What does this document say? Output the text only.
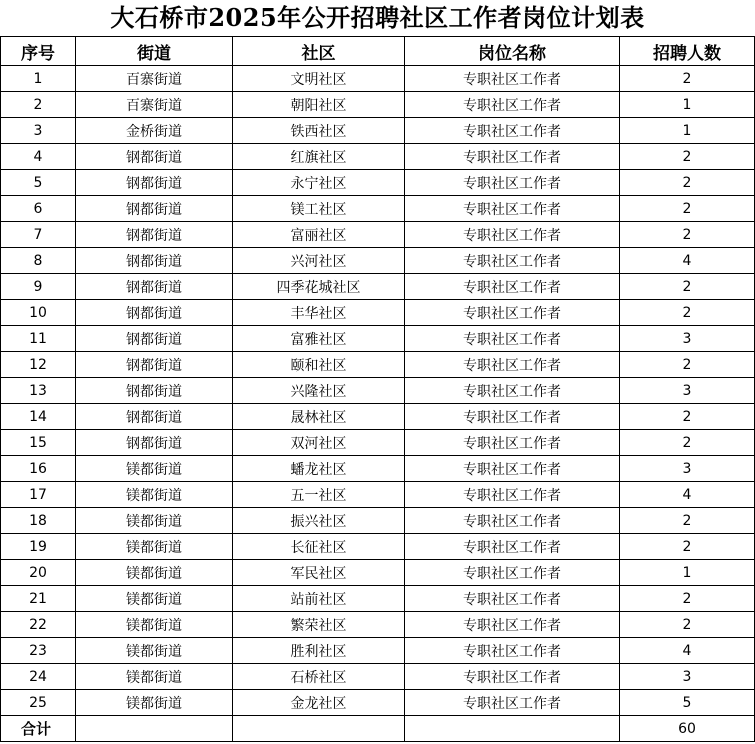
大石桥市2025年公开招聘社区工作者岗位计划表
序号	街道	社区	岗位名称	招聘人数
1	百寨街道	文明社区	专职社区工作者	2
2	百寨街道	朝阳社区	专职社区工作者	1
3	金桥街道	铁西社区	专职社区工作者	1
4	钢都街道	红旗社区	专职社区工作者	2
5	钢都街道	永宁社区	专职社区工作者	2
6	钢都街道	镁工社区	专职社区工作者	2
7	钢都街道	富丽社区	专职社区工作者	2
8	钢都街道	兴河社区	专职社区工作者	4
9	钢都街道	四季花城社区	专职社区工作者	2
10	钢都街道	丰华社区	专职社区工作者	2
11	钢都街道	富雅社区	专职社区工作者	3
12	钢都街道	颐和社区	专职社区工作者	2
13	钢都街道	兴隆社区	专职社区工作者	3
14	钢都街道	晟林社区	专职社区工作者	2
15	钢都街道	双河社区	专职社区工作者	2
16	镁都街道	蟠龙社区	专职社区工作者	3
17	镁都街道	五一社区	专职社区工作者	4
18	镁都街道	振兴社区	专职社区工作者	2
19	镁都街道	长征社区	专职社区工作者	2
20	镁都街道	军民社区	专职社区工作者	1
21	镁都街道	站前社区	专职社区工作者	2
22	镁都街道	繁荣社区	专职社区工作者	2
23	镁都街道	胜利社区	专职社区工作者	4
24	镁都街道	石桥社区	专职社区工作者	3
25	镁都街道	金龙社区	专职社区工作者	5
合计				60
